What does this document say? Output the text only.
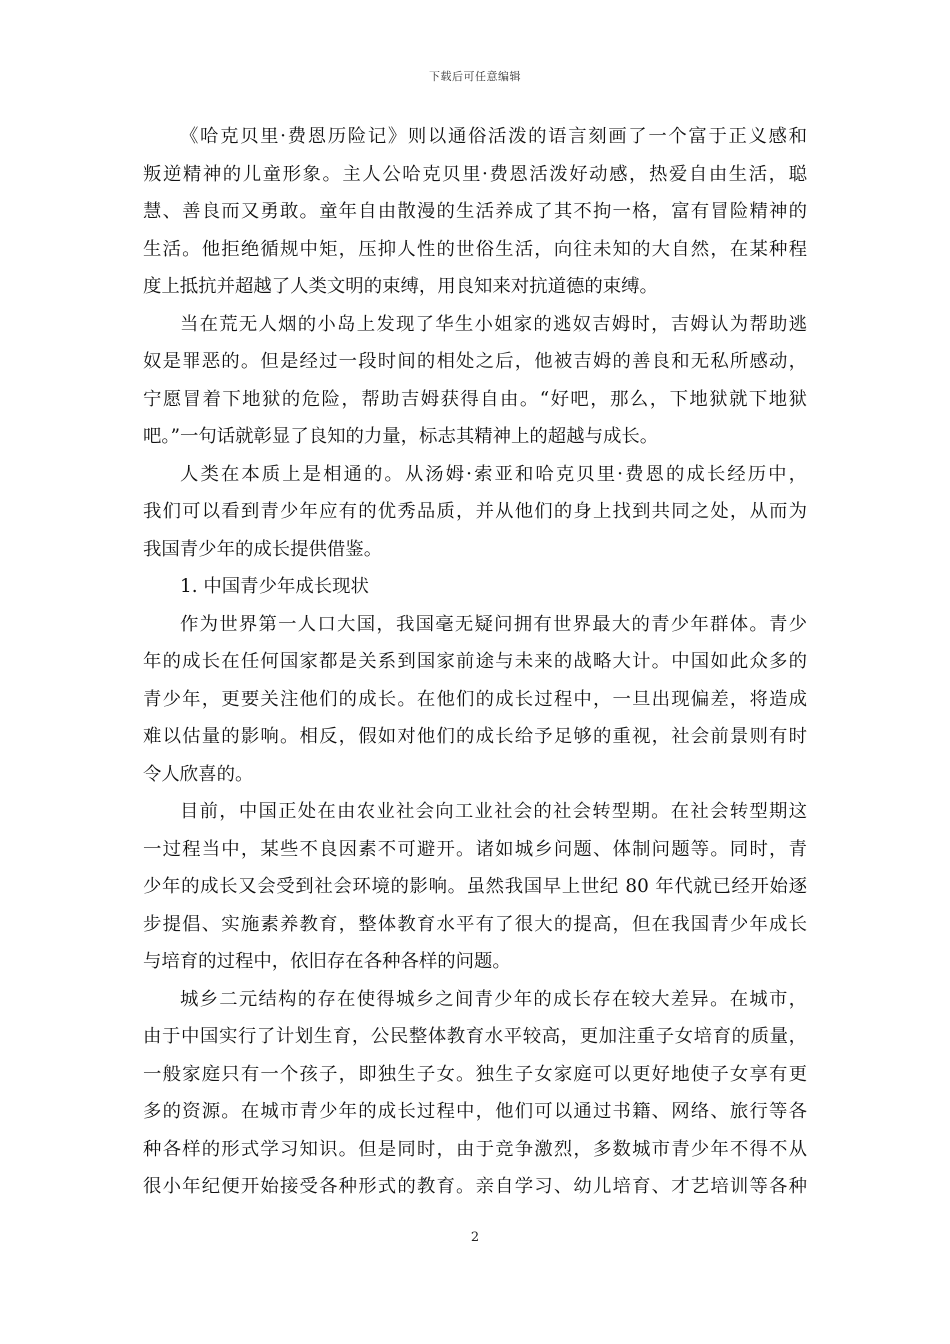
下载后可任意编辑
《哈克贝里·费恩历险记》则以通俗活泼的语言刻画了一个富于正义感和
叛逆精神的儿童形象。主人公哈克贝里·费恩活泼好动感，热爱自由生活，聪
慧、善良而又勇敢。童年自由散漫的生活养成了其不拘一格，富有冒险精神的
生活。他拒绝循规中矩，压抑人性的世俗生活，向往未知的大自然，在某种程
度上抵抗并超越了人类文明的束缚，用良知来对抗道德的束缚。
当在荒无人烟的小岛上发现了华生小姐家的逃奴吉姆时，吉姆认为帮助逃
奴是罪恶的。但是经过一段时间的相处之后，他被吉姆的善良和无私所感动，
宁愿冒着下地狱的危险，帮助吉姆获得自由。“好吧，那么，下地狱就下地狱
吧。”一句话就彰显了良知的力量，标志其精神上的超越与成长。
人类在本质上是相通的。从汤姆·索亚和哈克贝里·费恩的成长经历中，
我们可以看到青少年应有的优秀品质，并从他们的身上找到共同之处，从而为
我国青少年的成长提供借鉴。
1. 中国青少年成长现状
作为世界第一人口大国，我国毫无疑问拥有世界最大的青少年群体。青少
年的成长在任何国家都是关系到国家前途与未来的战略大计。中国如此众多的
青少年，更要关注他们的成长。在他们的成长过程中，一旦出现偏差，将造成
难以估量的影响。相反，假如对他们的成长给予足够的重视，社会前景则有时
令人欣喜的。
目前，中国正处在由农业社会向工业社会的社会转型期。在社会转型期这
一过程当中，某些不良因素不可避开。诸如城乡问题、体制问题等。同时，青
少年的成长又会受到社会环境的影响。虽然我国早上世纪 80 年代就已经开始逐
步提倡、实施素养教育，整体教育水平有了很大的提高，但在我国青少年成长
与培育的过程中，依旧存在各种各样的问题。
城乡二元结构的存在使得城乡之间青少年的成长存在较大差异。在城市，
由于中国实行了计划生育，公民整体教育水平较高，更加注重子女培育的质量，
一般家庭只有一个孩子，即独生子女。独生子女家庭可以更好地使子女享有更
多的资源。在城市青少年的成长过程中，他们可以通过书籍、网络、旅行等各
种各样的形式学习知识。但是同时，由于竞争激烈，多数城市青少年不得不从
很小年纪便开始接受各种形式的教育。亲自学习、幼儿培育、才艺培训等各种
2
